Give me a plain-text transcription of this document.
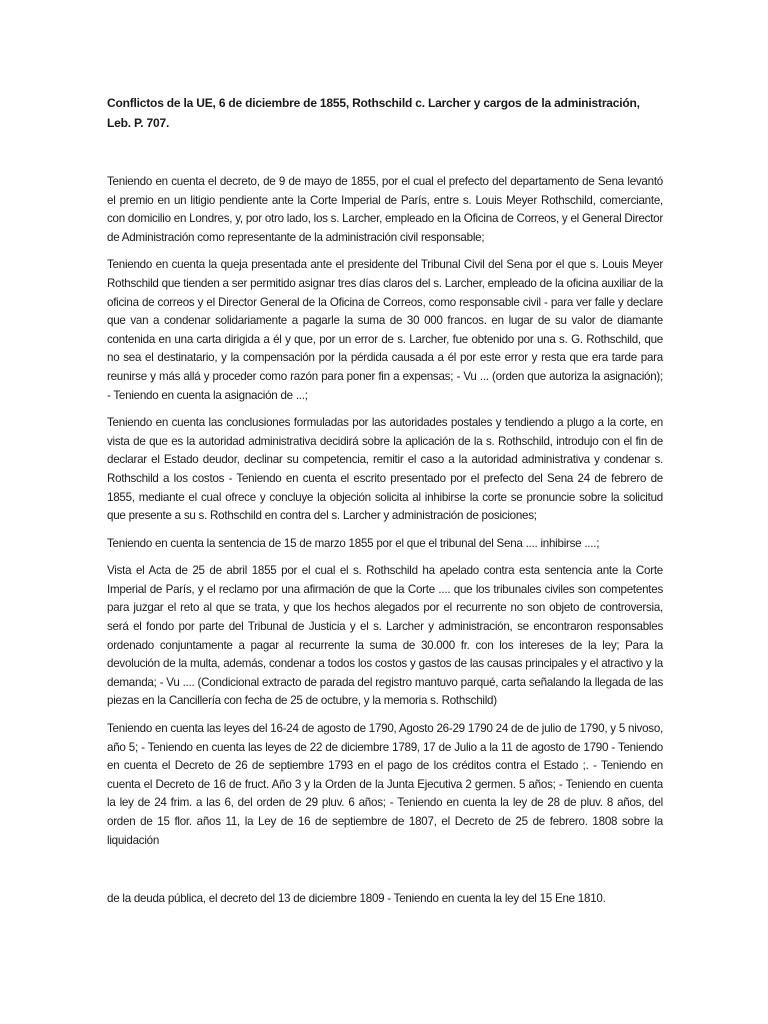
Conflictos de la UE, 6 de diciembre de 1855, Rothschild c. Larcher y cargos de la administración, Leb. P. 707.

Teniendo en cuenta el decreto, de 9 de mayo de 1855, por el cual el prefecto del departamento de Sena levantó el premio en un litigio pendiente ante la Corte Imperial de París, entre s. Louis Meyer Rothschild, comerciante, con domicilio en Londres, y, por otro lado, los s. Larcher, empleado en la Oficina de Correos, y el General Director de Administración como representante de la administración civil responsable;

Teniendo en cuenta la queja presentada ante el presidente del Tribunal Civil del Sena por el que s. Louis Meyer Rothschild que tienden a ser permitido asignar tres días claros del s. Larcher, empleado de la oficina auxiliar de la oficina de correos y el Director General de la Oficina de Correos, como responsable civil - para ver falle y declare que van a condenar solidariamente a pagarle la suma de 30 000 francos. en lugar de su valor de diamante contenida en una carta dirigida a él y que, por un error de s. Larcher, fue obtenido por una s. G. Rothschild, que no sea el destinatario, y la compensación por la pérdida causada a él por este error y resta que era tarde para reunirse y más allá y proceder como razón para poner fin a expensas; - Vu ... (orden que autoriza la asignación); - Teniendo en cuenta la asignación de ...;

Teniendo en cuenta las conclusiones formuladas por las autoridades postales y tendiendo a plugo a la corte, en vista de que es la autoridad administrativa decidirá sobre la aplicación de la s. Rothschild, introdujo con el fin de declarar el Estado deudor, declinar su competencia, remitir el caso a la autoridad administrativa y condenar s. Rothschild a los costos - Teniendo en cuenta el escrito presentado por el prefecto del Sena 24 de febrero de 1855, mediante el cual ofrece y concluye la objeción solicita al inhibirse la corte se pronuncie sobre la solicitud que presente a su s. Rothschild en contra del s. Larcher y administración de posiciones;

Teniendo en cuenta la sentencia de 15 de marzo 1855 por el que el tribunal del Sena .... inhibirse ....;

Vista el Acta de 25 de abril 1855 por el cual el s. Rothschild ha apelado contra esta sentencia ante la Corte Imperial de París, y el reclamo por una afirmación de que la Corte .... que los tribunales civiles son competentes para juzgar el reto al que se trata, y que los hechos alegados por el recurrente no son objeto de controversia, será el fondo por parte del Tribunal de Justicia y el s. Larcher y administración, se encontraron responsables ordenado conjuntamente a pagar al recurrente la suma de 30.000 fr. con los intereses de la ley; Para la devolución de la multa, además, condenar a todos los costos y gastos de las causas principales y el atractivo y la demanda; - Vu .... (Condicional extracto de parada del registro mantuvo parqué, carta señalando la llegada de las piezas en la Cancillería con fecha de 25 de octubre, y la memoria s. Rothschild)

Teniendo en cuenta las leyes del 16-24 de agosto de 1790, Agosto 26-29 1790 24 de de julio de 1790, y 5 nivoso, año 5; - Teniendo en cuenta las leyes de 22 de diciembre 1789, 17 de Julio a la 11 de agosto de 1790 - Teniendo en cuenta el Decreto de 26 de septiembre 1793 en el pago de los créditos contra el Estado ;. - Teniendo en cuenta el Decreto de 16 de fruct. Año 3 y la Orden de la Junta Ejecutiva 2 germen. 5 años; - Teniendo en cuenta la ley de 24 frim. a las 6, del orden de 29 pluv. 6 años; - Teniendo en cuenta la ley de 28 de pluv. 8 años, del orden de 15 flor. años 11, la Ley de 16 de septiembre de 1807, el Decreto de 25 de febrero. 1808 sobre la liquidación

de la deuda pública, el decreto del 13 de diciembre 1809 - Teniendo en cuenta la ley del 15 Ene 1810.
